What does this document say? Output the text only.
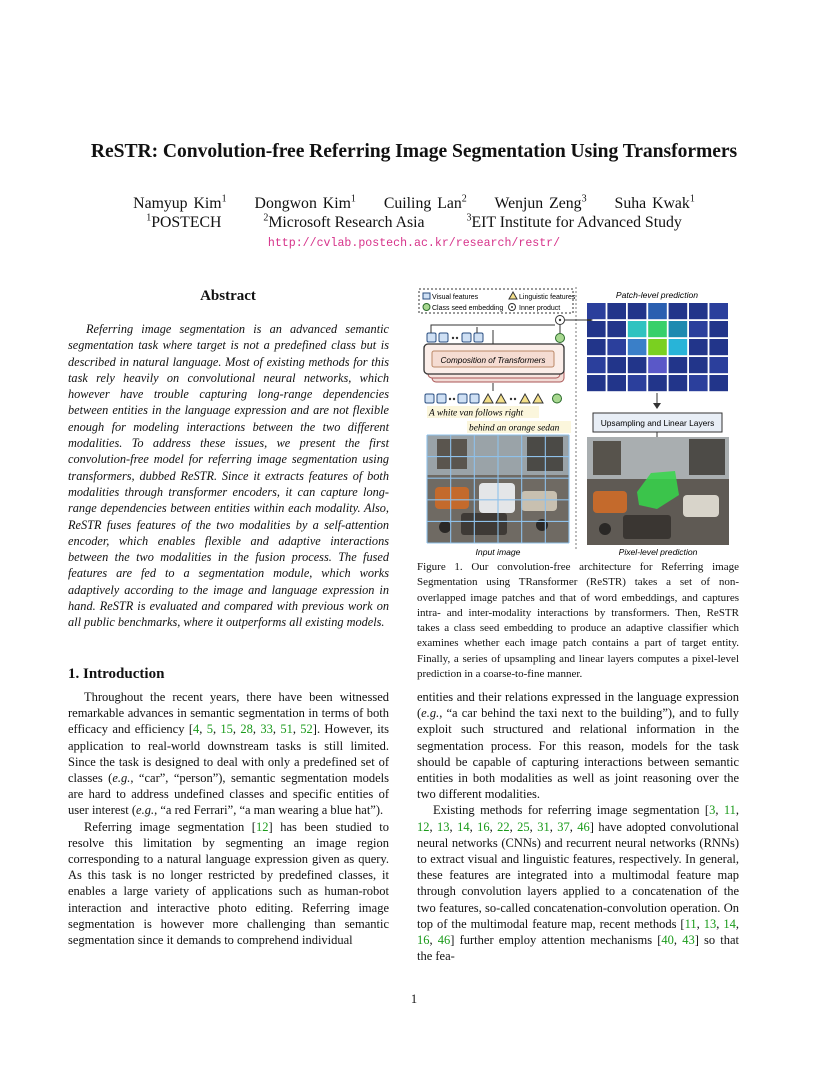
ReSTR: Convolution-free Referring Image Segmentation Using Transformers
Namyup Kim$^1$ Dongwon Kim$^1$ Cuiling Lan$^2$ Wenjun Zeng$^3$ Suha Kwak$^1$
$^1$POSTECH	$^2$Microsoft Research Asia	$^3$EIT Institute for Advanced Study
http://cvlab.postech.ac.kr/research/restr/
Abstract
Referring image segmentation is an advanced semantic segmentation task where target is not a predefined class but is described in natural language. Most of existing methods for this task rely heavily on convolutional neural networks, which however have trouble capturing long-range dependencies between entities in the language expression and are not flexible enough for modeling interactions between the two different modalities. To address these issues, we present the first convolution-free model for referring image segmentation using transformers, dubbed ReSTR. Since it extracts features of both modalities through transformer encoders, it can capture long-range dependencies between entities within each modality. Also, ReSTR fuses features of the two modalities by a self-attention encoder, which enables flexible and adaptive interactions between the two modalities in the fusion process. The fused features are fed to a segmentation module, which works adaptively according to the image and language expression in hand. ReSTR is evaluated and compared with previous work on all public benchmarks, where it outperforms all existing models.
1. Introduction

Throughout the recent years, there have been witnessed remarkable advances in semantic segmentation in terms of both efficacy and efficiency [4, 5, 15, 28, 33, 51, 52]. However, its application to real-world downstream tasks is still limited. Since the task is designed to deal with only a predefined set of classes (e.g., “car”, “person”), semantic segmentation models are hard to address undefined classes and specific entities of user interest (e.g., “a red Ferrari”, “a man wearing a blue hat”).

Referring image segmentation [12] has been studied to resolve this limitation by segmenting an image region corresponding to a natural language expression given as query. As this task is no longer restricted by predefined classes, it enables a large variety of applications such as human-robot interaction and interactive photo editing. Referring image segmentation is however more challenging than semantic segmentation since it demands to comprehend individual

Visual features	Linguistic features
Class seed embedding Inner product
Composition of Transformers
A white van follows right
behind an orange sedan
Input image
Patch-level prediction
Upsampling and Linear Layers
Pixel-level prediction
Figure 1. Our convolution-free architecture for Referring image Segmentation using TRansformer (ReSTR) takes a set of non-overlapped image patches and that of word embeddings, and captures intra- and inter-modality interactions by transformers. Then, ReSTR takes a class seed embedding to produce an adaptive classifier which examines whether each image patch contains a part of target entity. Finally, a series of upsampling and linear layers computes a pixel-level prediction in a coarse-to-fine manner.

entities and their relations expressed in the language expression (e.g., “a car behind the taxi next to the building”), and to fully exploit such structured and relational information in the segmentation process. For this reason, models for the task should be capable of capturing interactions between semantic entities in both modalities as well as joint reasoning over the two different modalities.

Existing methods for referring image segmentation [3, 11, 12, 13, 14, 16, 22, 25, 31, 37, 46] have adopted convolutional neural networks (CNNs) and recurrent neural networks (RNNs) to extract visual and linguistic features, respectively. In general, these features are integrated into a multimodal feature map through convolution layers applied to a concatenation of the two features, so-called concatenation-convolution operation. On top of the multimodal feature map, recent methods [11, 13, 14, 16, 46] further employ attention mechanisms [40, 43] so that the fea-

1
